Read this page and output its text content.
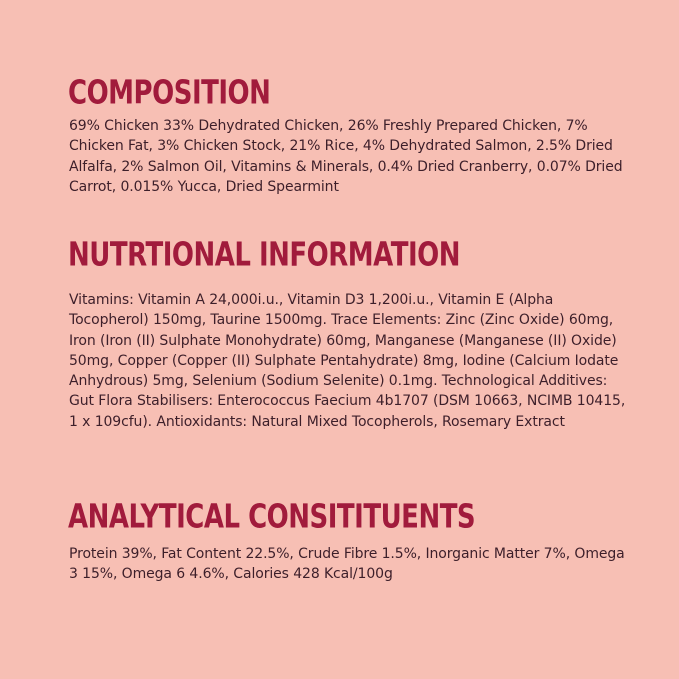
COMPOSITION

69% Chicken 33% Dehydrated Chicken, 26% Freshly Prepared Chicken, 7% Chicken Fat, 3% Chicken Stock, 21% Rice, 4% Dehydrated Salmon, 2.5% Dried Alfalfa, 2% Salmon Oil, Vitamins & Minerals, 0.4% Dried Cranberry, 0.07% Dried Carrot, 0.015% Yucca, Dried Spearmint

NUTRTIONAL INFORMATION

Vitamins: Vitamin A 24,000i.u., Vitamin D3 1,200i.u., Vitamin E (Alpha Tocopherol) 150mg, Taurine 1500mg. Trace Elements: Zinc (Zinc Oxide) 60mg, Iron (Iron (II) Sulphate Monohydrate) 60mg, Manganese (Manganese (II) Oxide) 50mg, Copper (Copper (II) Sulphate Pentahydrate) 8mg, Iodine (Calcium Iodate Anhydrous) 5mg, Selenium (Sodium Selenite) 0.1mg. Technological Additives: Gut Flora Stabilisers: Enterococcus Faecium 4b1707 (DSM 10663, NCIMB 10415, 1 x 109cfu). Antioxidants: Natural Mixed Tocopherols, Rosemary Extract

ANALYTICAL CONSITITUENTS

Protein 39%, Fat Content 22.5%, Crude Fibre 1.5%, Inorganic Matter 7%, Omega 3 15%, Omega 6 4.6%, Calories 428 Kcal/100g
